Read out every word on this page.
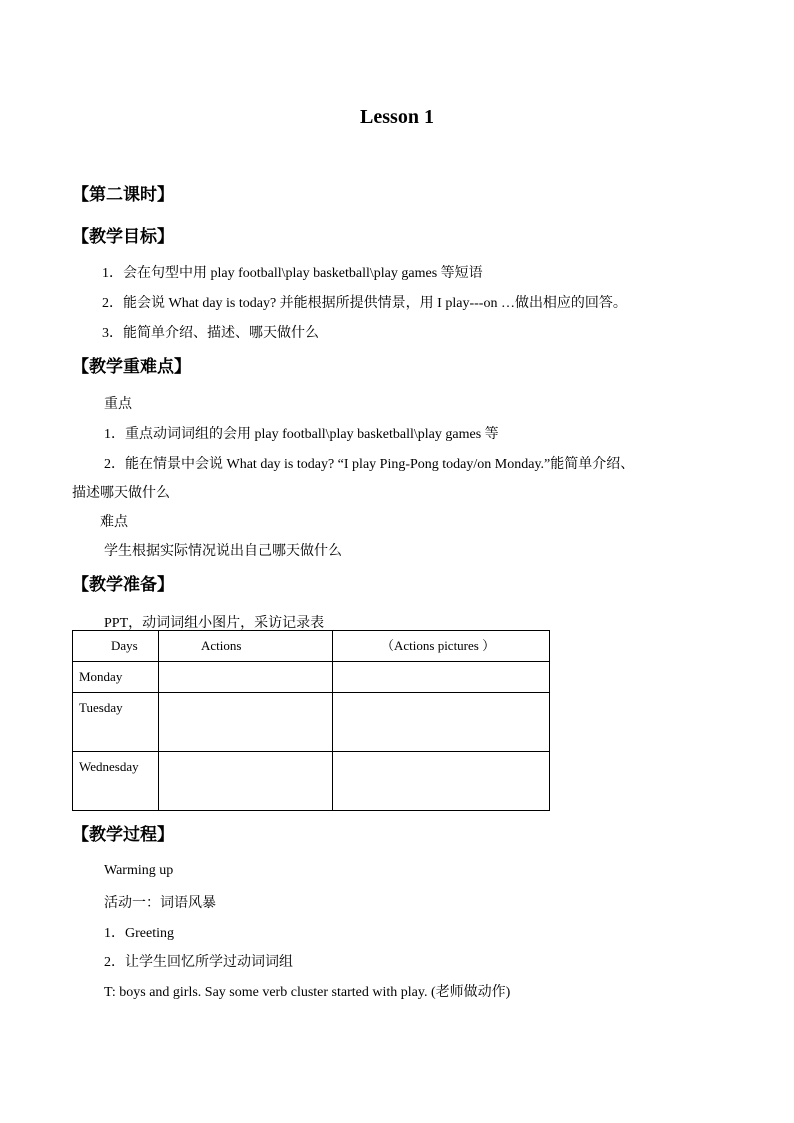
Lesson 1
【第二课时】
【教学目标】
1．会在句型中用 play football\play basketball\play games 等短语
2．能会说 What day is today? 并能根据所提供情景，用 I play---on …做出相应的回答。
3．能简单介绍、描述、哪天做什么
【教学重难点】
重点
1．重点动词词组的会用 play football\play basketball\play games 等
2．能在情景中会说 What day is today? “I play Ping-Pong today/on Monday.”能简单介绍、
描述哪天做什么
难点
学生根据实际情况说出自己哪天做什么
【教学准备】
PPT，动词词组小图片，采访记录表
Days	Actions	（Actions pictures ）
Monday		
Tuesday		
Wednesday		
【教学过程】
Warming up
活动一：词语风暴
1．Greeting
2．让学生回忆所学过动词词组
T: boys and girls. Say some verb cluster started with play. (老师做动作)
